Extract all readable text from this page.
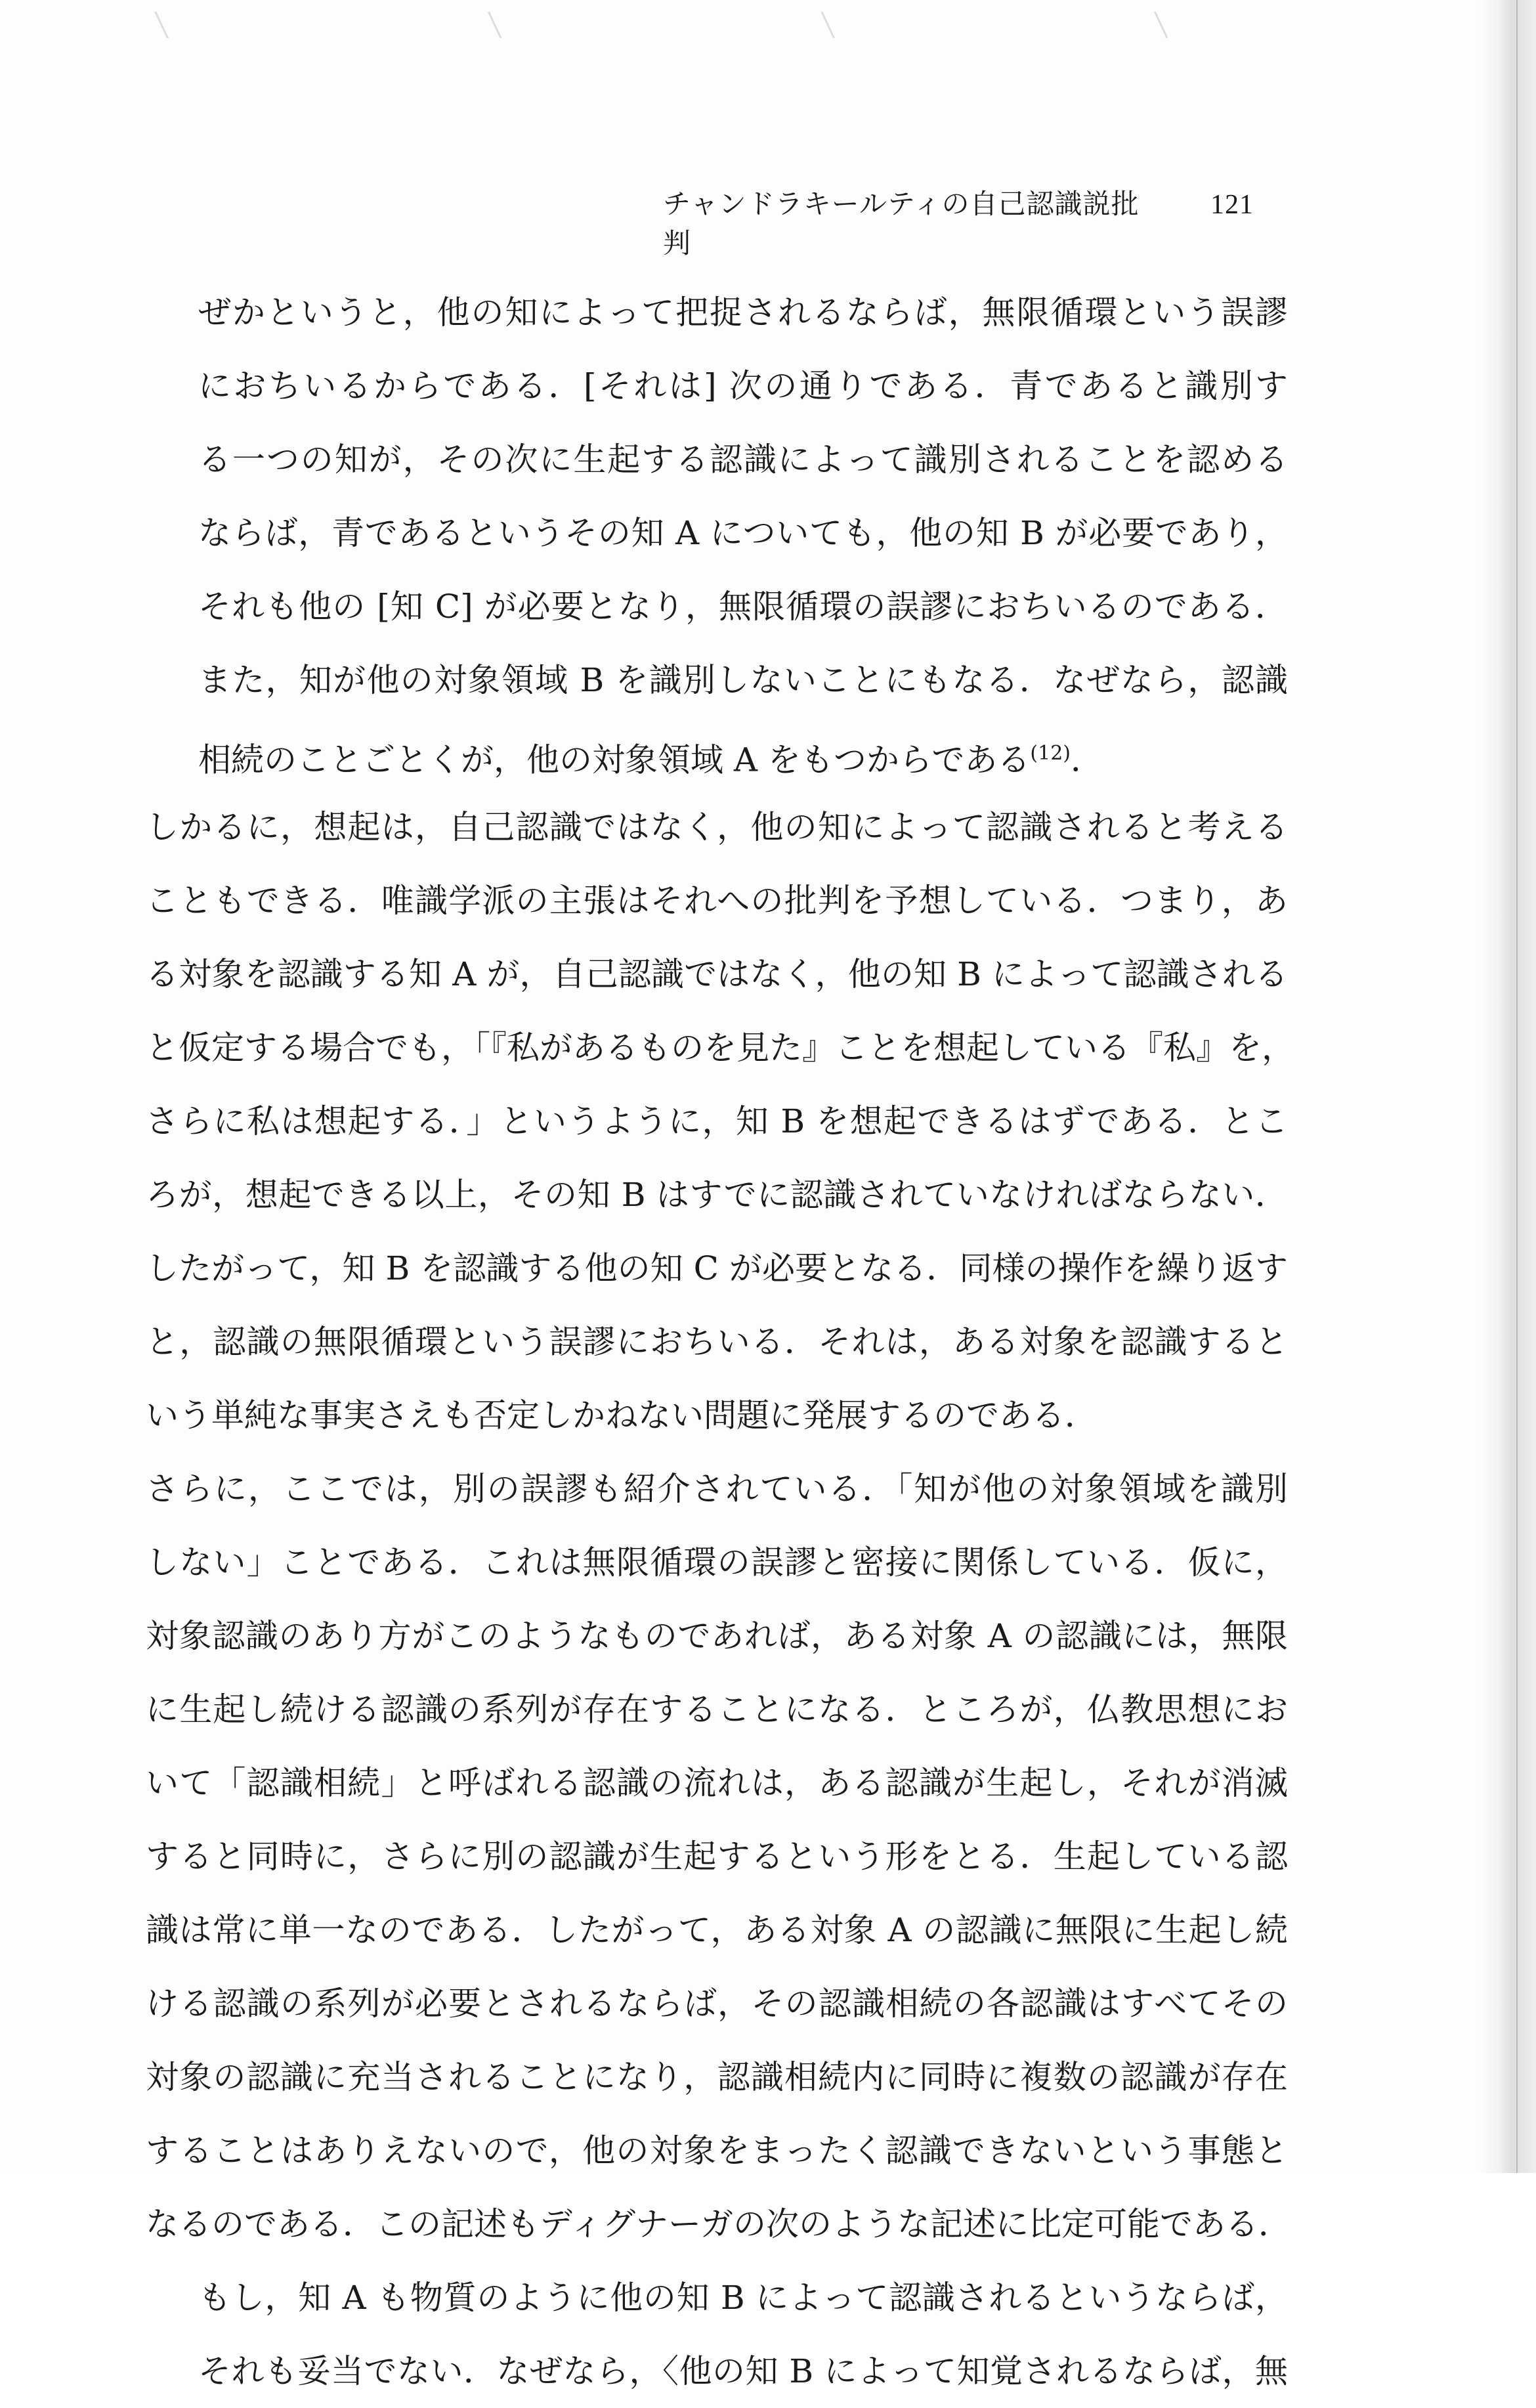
チャンドラキールティの自己認識説批判
121
ぜかというと，他の知によって把捉されるならば，無限循環という誤謬
におちいるからである．[それは] 次の通りである．青であると識別す
る一つの知が，その次に生起する認識によって識別されることを認める
ならば，青であるというその知 A についても，他の知 B が必要であり，
それも他の [知 C] が必要となり，無限循環の誤謬におちいるのである．
また，知が他の対象領域 B を識別しないことにもなる．なぜなら，認識
相続のことごとくが，他の対象領域 A をもつからである$^{(12)}$．
しかるに，想起は，自己認識ではなく，他の知によって認識されると考える
こともできる．唯識学派の主張はそれへの批判を予想している．つまり，あ
る対象を認識する知 A が，自己認識ではなく，他の知 B によって認識される
と仮定する場合でも，「『私があるものを見た』ことを想起している『私』を，
さらに私は想起する．」というように，知 B を想起できるはずである．とこ
ろが，想起できる以上，その知 B はすでに認識されていなければならない．
したがって，知 B を認識する他の知 C が必要となる．同様の操作を繰り返す
と，認識の無限循環という誤謬におちいる．それは，ある対象を認識すると
いう単純な事実さえも否定しかねない問題に発展するのである．
さらに，ここでは，別の誤謬も紹介されている．「知が他の対象領域を識別
しない」ことである．これは無限循環の誤謬と密接に関係している．仮に，
対象認識のあり方がこのようなものであれば，ある対象 A の認識には，無限
に生起し続ける認識の系列が存在することになる．ところが，仏教思想にお
いて「認識相続」と呼ばれる認識の流れは，ある認識が生起し，それが消滅
すると同時に，さらに別の認識が生起するという形をとる．生起している認
識は常に単一なのである．したがって，ある対象 A の認識に無限に生起し続
ける認識の系列が必要とされるならば，その認識相続の各認識はすべてその
対象の認識に充当されることになり，認識相続内に同時に複数の認識が存在
することはありえないので，他の対象をまったく認識できないという事態と
なるのである．この記述もディグナーガの次のような記述に比定可能である．
もし，知 A も物質のように他の知 B によって認識されるというならば，
それも妥当でない．なぜなら，〈他の知 B によって知覚されるならば，無
